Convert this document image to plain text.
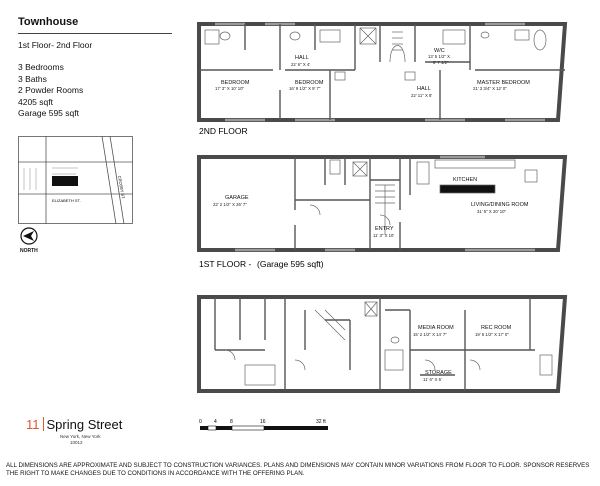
Townhouse
1st Floor- 2nd Floor
3 Bedrooms
3 Baths
2 Powder Rooms
4205 sqft
Garage 595 sqft
CROSBY ST.
ELIZABETH ST.
NORTH
BEDROOM
17' 3" X 10' 10"
BEDROOM
16' 9 1/2" X 9' 7"
HALL
22' 6" X 4'
HALL
22' 11" X 8'
W/C
13' 5 1/2" X
8' 7 1/2"
MASTER BEDROOM
21' 3 3/4" X 12' 0"
2ND FLOOR
GARAGE
22' 2 1/2" X 26' 7"
KITCHEN
LIVING/DINING ROOM
31' 5" X 20' 10"
ENTRY
11' 3" X 10'
1ST FLOOR - (Garage 595 sqft)
MEDIA ROOM
15' 2 1/2" X 14' 7"
REC ROOM
19' 5 1/2" X 17' 0"
STORAGE
11' 6" X 5'
11 Spring Street
New York, New York
10012
0 4	8	16	32 ft
ALL DIMENSIONS ARE APPROXIMATE AND SUBJECT TO CONSTRUCTION VARIANCES. PLANS AND DIMENSIONS MAY CONTAIN MINOR VARIATIONS FROM FLOOR TO FLOOR. SPONSOR RESERVES THE RIGHT TO MAKE CHANGES DUE TO CONDITIONS IN ACCORDANCE WITH THE OFFERING PLAN.
